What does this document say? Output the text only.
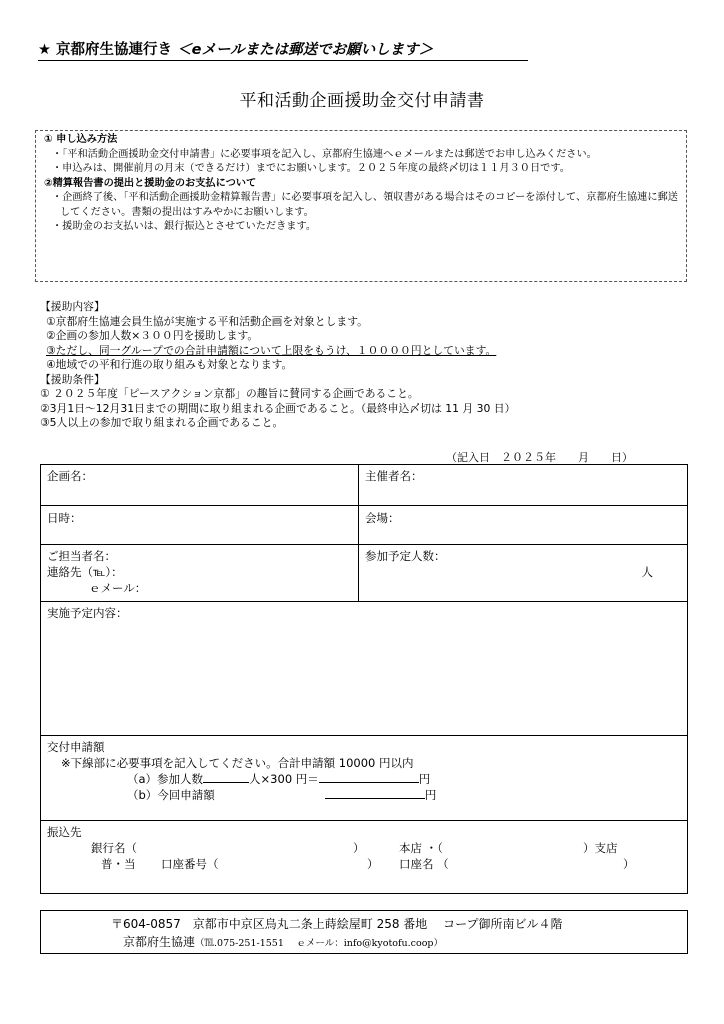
★ 京都府生協連行き ＜eメールまたは郵送でお願いします＞
平和活動企画援助金交付申請書
① 申し込み方法
・「平和活動企画援助金交付申請書」に必要事項を記入し、京都府生協連へｅメールまたは郵送でお申し込みください。
・申込みは、開催前月の月末（できるだけ）までにお願いします。２０２５年度の最終〆切は１１月３０日です。
②精算報告書の提出と援助金のお支払について
・企画終了後、「平和活動企画援助金精算報告書」に必要事項を記入し、領収書がある場合はそのコピーを添付して、京都府生協連に郵送してください。書類の提出はすみやかにお願いします。
・援助金のお支払いは、銀行振込とさせていただきます。
【援助内容】
①京都府生協連会員生協が実施する平和活動企画を対象とします。
②企画の参加人数×３００円を援助します。
③ただし、同一グループでの合計申請額について上限をもうけ、１００００円としています。
④地域での平和行進の取り組みも対象となります。
【援助条件】
① ２０２５年度「ピースアクション京都」の趣旨に賛同する企画であること。
②3月1日～12月31日までの期間に取り組まれる企画であること。（最終申込〆切は 11 月 30 日）
③5人以上の参加で取り組まれる企画であること。
（記入日　２０２５年　　月　　日）
企画名：	主催者名：
日時：	会場：
ご担当者名：
連絡先（℡）：
ｅメール：
参加予定人数：
人
実施予定内容：
交付申請額
※下線部に必要事項を記入してください。合計申請額 10000 円以内
（a）参加人数	人×300 円＝	円
（b）今回申請額	円
振込先
銀行名（	）	本店 ・（	）支店
普・当 口座番号（	） 口座名 （	）
〒604-0857　京都市中京区烏丸二条上蒔絵屋町 258 番地　 コープ御所南ビル４階
京都府生協連（℡.075-251-1551　 ｅメール：info@kyotofu.coop）
